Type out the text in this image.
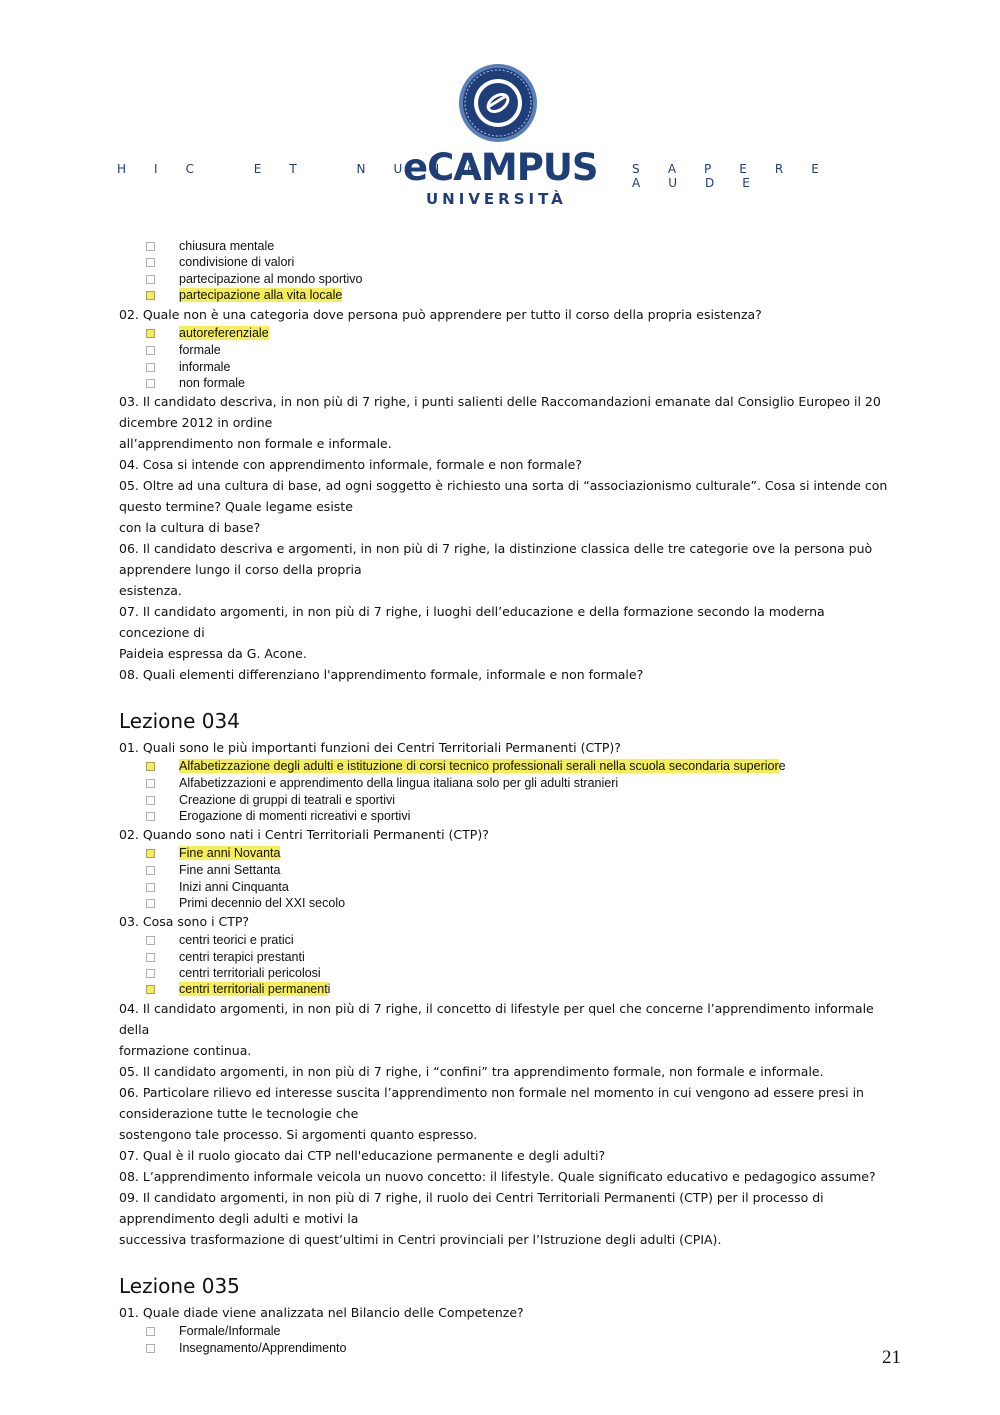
HIC ET NUNC
eCAMPUS
UNIVERSITÀ
SAPERE AUDE
chiusura mentale
condivisione di valori
partecipazione al mondo sportivo
partecipazione alla vita locale
02. Quale non è una categoria dove persona può apprendere per tutto il corso della propria esistenza?
autoreferenziale
formale
informale
non formale
03. Il candidato descriva, in non più di 7 righe, i punti salienti delle Raccomandazioni emanate dal Consiglio Europeo il 20
dicembre 2012 in ordine
all’apprendimento non formale e informale.
04. Cosa si intende con apprendimento informale, formale e non formale?
05. Oltre ad una cultura di base, ad ogni soggetto è richiesto una sorta di “associazionismo culturale”. Cosa si intende con
questo termine? Quale legame esiste
con la cultura di base?
06. Il candidato descriva e argomenti, in non più di 7 righe, la distinzione classica delle tre categorie ove la persona può
apprendere lungo il corso della propria
esistenza.
07. Il candidato argomenti, in non più di 7 righe, i luoghi dell’educazione e della formazione secondo la moderna concezione di
Paideia espressa da G. Acone.
08. Quali elementi differenziano l'apprendimento formale, informale e non formale?
Lezione 034
01. Quali sono le più importanti funzioni dei Centri Territoriali Permanenti (CTP)?
Alfabetizzazione degli adulti e istituzione di corsi tecnico professionali serali nella scuola secondaria superiore
Alfabetizzazioni e apprendimento della lingua italiana solo per gli adulti stranieri
Creazione di gruppi di teatrali e sportivi
Erogazione di momenti ricreativi e sportivi
02. Quando sono nati i Centri Territoriali Permanenti (CTP)?
Fine anni Novanta
Fine anni Settanta
Inizi anni Cinquanta
Primi decennio del XXI secolo
03. Cosa sono i CTP?
centri teorici e pratici
centri terapici prestanti
centri territoriali pericolosi
centri territoriali permanenti
04. Il candidato argomenti, in non più di 7 righe, il concetto di lifestyle per quel che concerne l’apprendimento informale della
formazione continua.
05. Il candidato argomenti, in non più di 7 righe, i “confini” tra apprendimento formale, non formale e informale.
06. Particolare rilievo ed interesse suscita l’apprendimento non formale nel momento in cui vengono ad essere presi in
considerazione tutte le tecnologie che
sostengono tale processo. Si argomenti quanto espresso.
07. Qual è il ruolo giocato dai CTP nell'educazione permanente e degli adulti?
08. L’apprendimento informale veicola un nuovo concetto: il lifestyle. Quale significato educativo e pedagogico assume?
09. Il candidato argomenti, in non più di 7 righe, il ruolo dei Centri Territoriali Permanenti (CTP) per il processo di
apprendimento degli adulti e motivi la
successiva trasformazione di quest’ultimi in Centri provinciali per l’Istruzione degli adulti (CPIA).
Lezione 035
01. Quale diade viene analizzata nel Bilancio delle Competenze?
Formale/Informale
Insegnamento/Apprendimento	21
